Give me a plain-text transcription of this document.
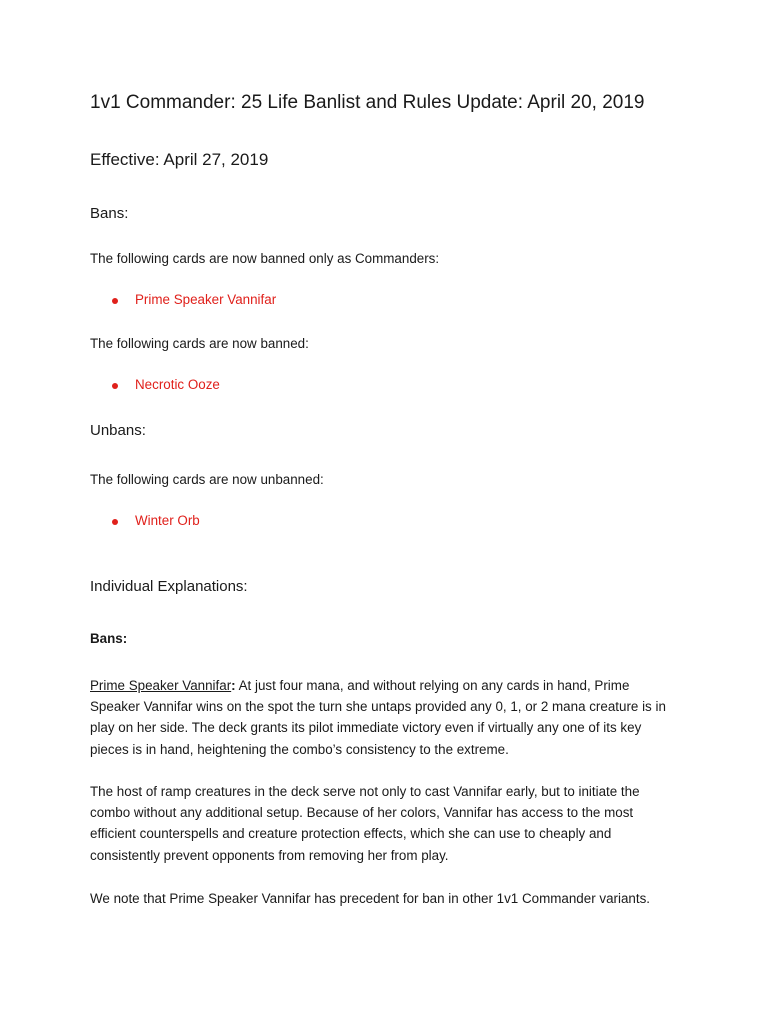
1v1 Commander: 25 Life Banlist and Rules Update: April 20, 2019
Effective: April 27, 2019
Bans:
The following cards are now banned only as Commanders:
Prime Speaker Vannifar
The following cards are now banned:
Necrotic Ooze
Unbans:
The following cards are now unbanned:
Winter Orb
Individual Explanations:
Bans:

Prime Speaker Vannifar: At just four mana, and without relying on any cards in hand, Prime Speaker Vannifar wins on the spot the turn she untaps provided any 0, 1, or 2 mana creature is in play on her side. The deck grants its pilot immediate victory even if virtually any one of its key pieces is in hand, heightening the combo’s consistency to the extreme.

The host of ramp creatures in the deck serve not only to cast Vannifar early, but to initiate the combo without any additional setup. Because of her colors, Vannifar has access to the most efficient counterspells and creature protection effects, which she can use to cheaply and consistently prevent opponents from removing her from play.

We note that Prime Speaker Vannifar has precedent for ban in other 1v1 Commander variants.
